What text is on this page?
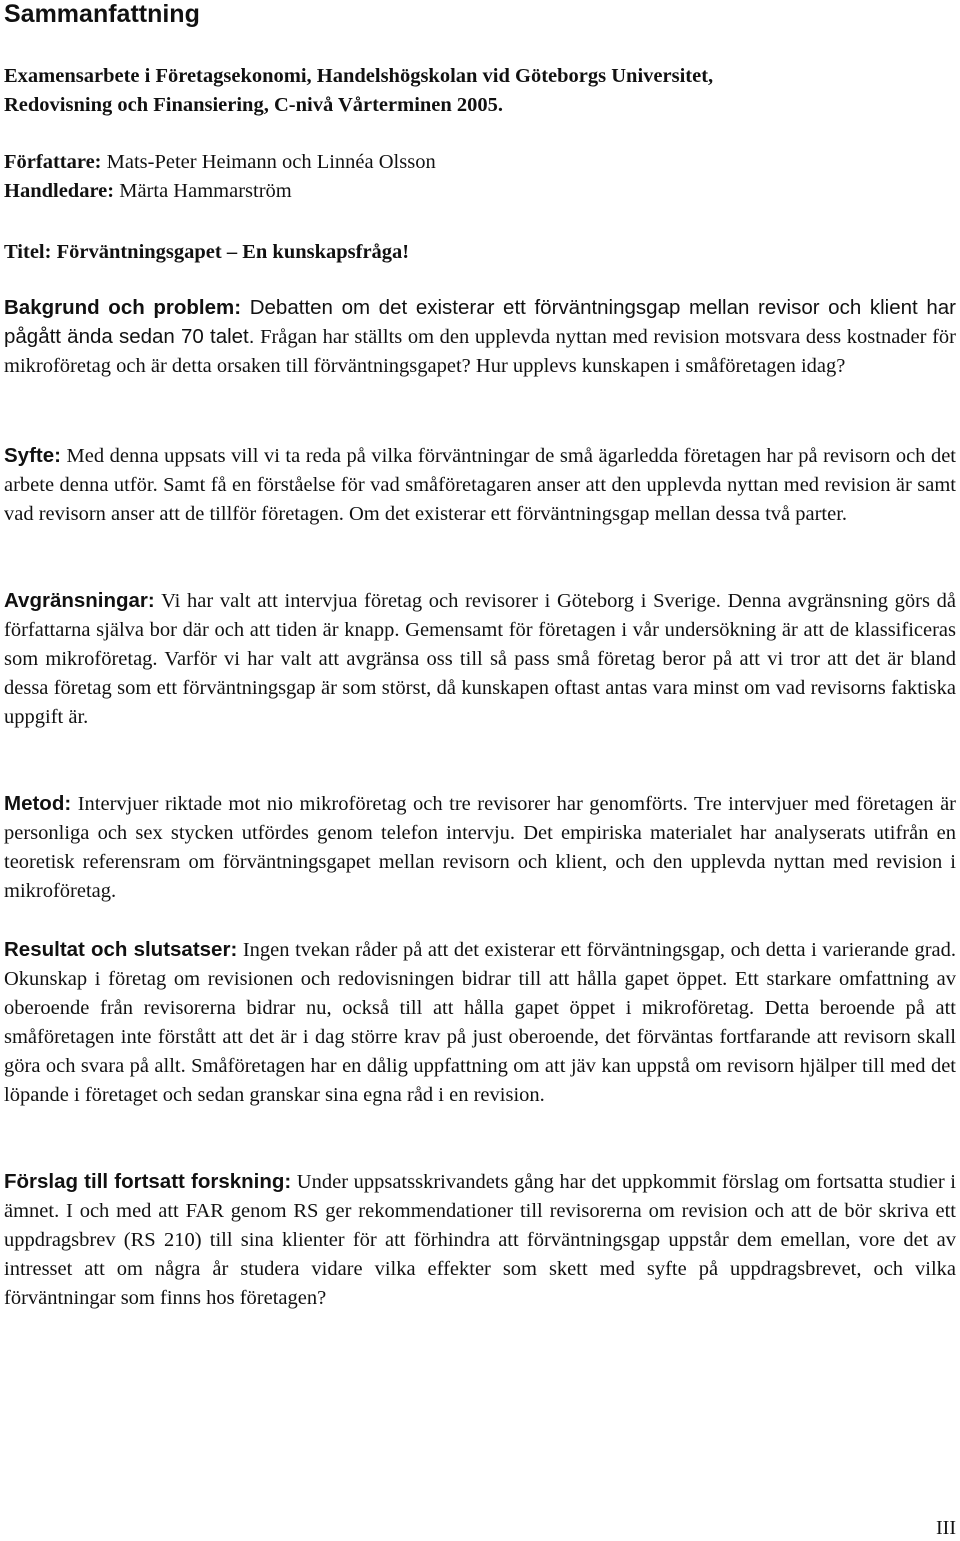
Sammanfattning

Examensarbete i Företagsekonomi, Handelshögskolan vid Göteborgs Universitet,

Redovisning och Finansiering, C-nivå Vårterminen 2005.

Författare: Mats-Peter Heimann och Linnéa Olsson

Handledare: Märta Hammarström

Titel: Förväntningsgapet – En kunskapsfråga!

Bakgrund och problem: Debatten om det existerar ett förväntningsgap mellan revisor och klient har pågått ända sedan 70 talet. Frågan har ställts om den upplevda nyttan med revision motsvara dess kostnader för mikroföretag och är detta orsaken till förväntningsgapet? Hur upplevs kunskapen i småföretagen idag?

Syfte: Med denna uppsats vill vi ta reda på vilka förväntningar de små ägarledda företagen har på revisorn och det arbete denna utför. Samt få en förståelse för vad småföretagaren anser att den upplevda nyttan med revision är samt vad revisorn anser att de tillför företagen. Om det existerar ett förväntningsgap mellan dessa två parter.

Avgränsningar: Vi har valt att intervjua företag och revisorer i Göteborg i Sverige. Denna avgränsning görs då författarna själva bor där och att tiden är knapp. Gemensamt för företagen i vår undersökning är att de klassificeras som mikroföretag. Varför vi har valt att avgränsa oss till så pass små företag beror på att vi tror att det är bland dessa företag som ett förväntningsgap är som störst, då kunskapen oftast antas vara minst om vad revisorns faktiska uppgift är.

Metod: Intervjuer riktade mot nio mikroföretag och tre revisorer har genomförts. Tre intervjuer med företagen är personliga och sex stycken utfördes genom telefon intervju. Det empiriska materialet har analyserats utifrån en teoretisk referensram om förväntningsgapet mellan revisorn och klient, och den upplevda nyttan med revision i mikroföretag.

Resultat och slutsatser: Ingen tvekan råder på att det existerar ett förväntningsgap, och detta i varierande grad. Okunskap i företag om revisionen och redovisningen bidrar till att hålla gapet öppet. Ett starkare omfattning av oberoende från revisorerna bidrar nu, också till att hålla gapet öppet i mikroföretag. Detta beroende på att småföretagen inte förstått att det är i dag större krav på just oberoende, det förväntas fortfarande att revisorn skall göra och svara på allt. Småföretagen har en dålig uppfattning om att jäv kan uppstå om revisorn hjälper till med det löpande i företaget och sedan granskar sina egna råd i en revision.

Förslag till fortsatt forskning: Under uppsatsskrivandets gång har det uppkommit förslag om fortsatta studier i ämnet. I och med att FAR genom RS ger rekommendationer till revisorerna om revision och att de bör skriva ett uppdragsbrev (RS 210) till sina klienter för att förhindra att förväntningsgap uppstår dem emellan, vore det av intresset att om några år studera vidare vilka effekter som skett med syfte på uppdragsbrevet, och vilka förväntningar som finns hos företagen?

III
